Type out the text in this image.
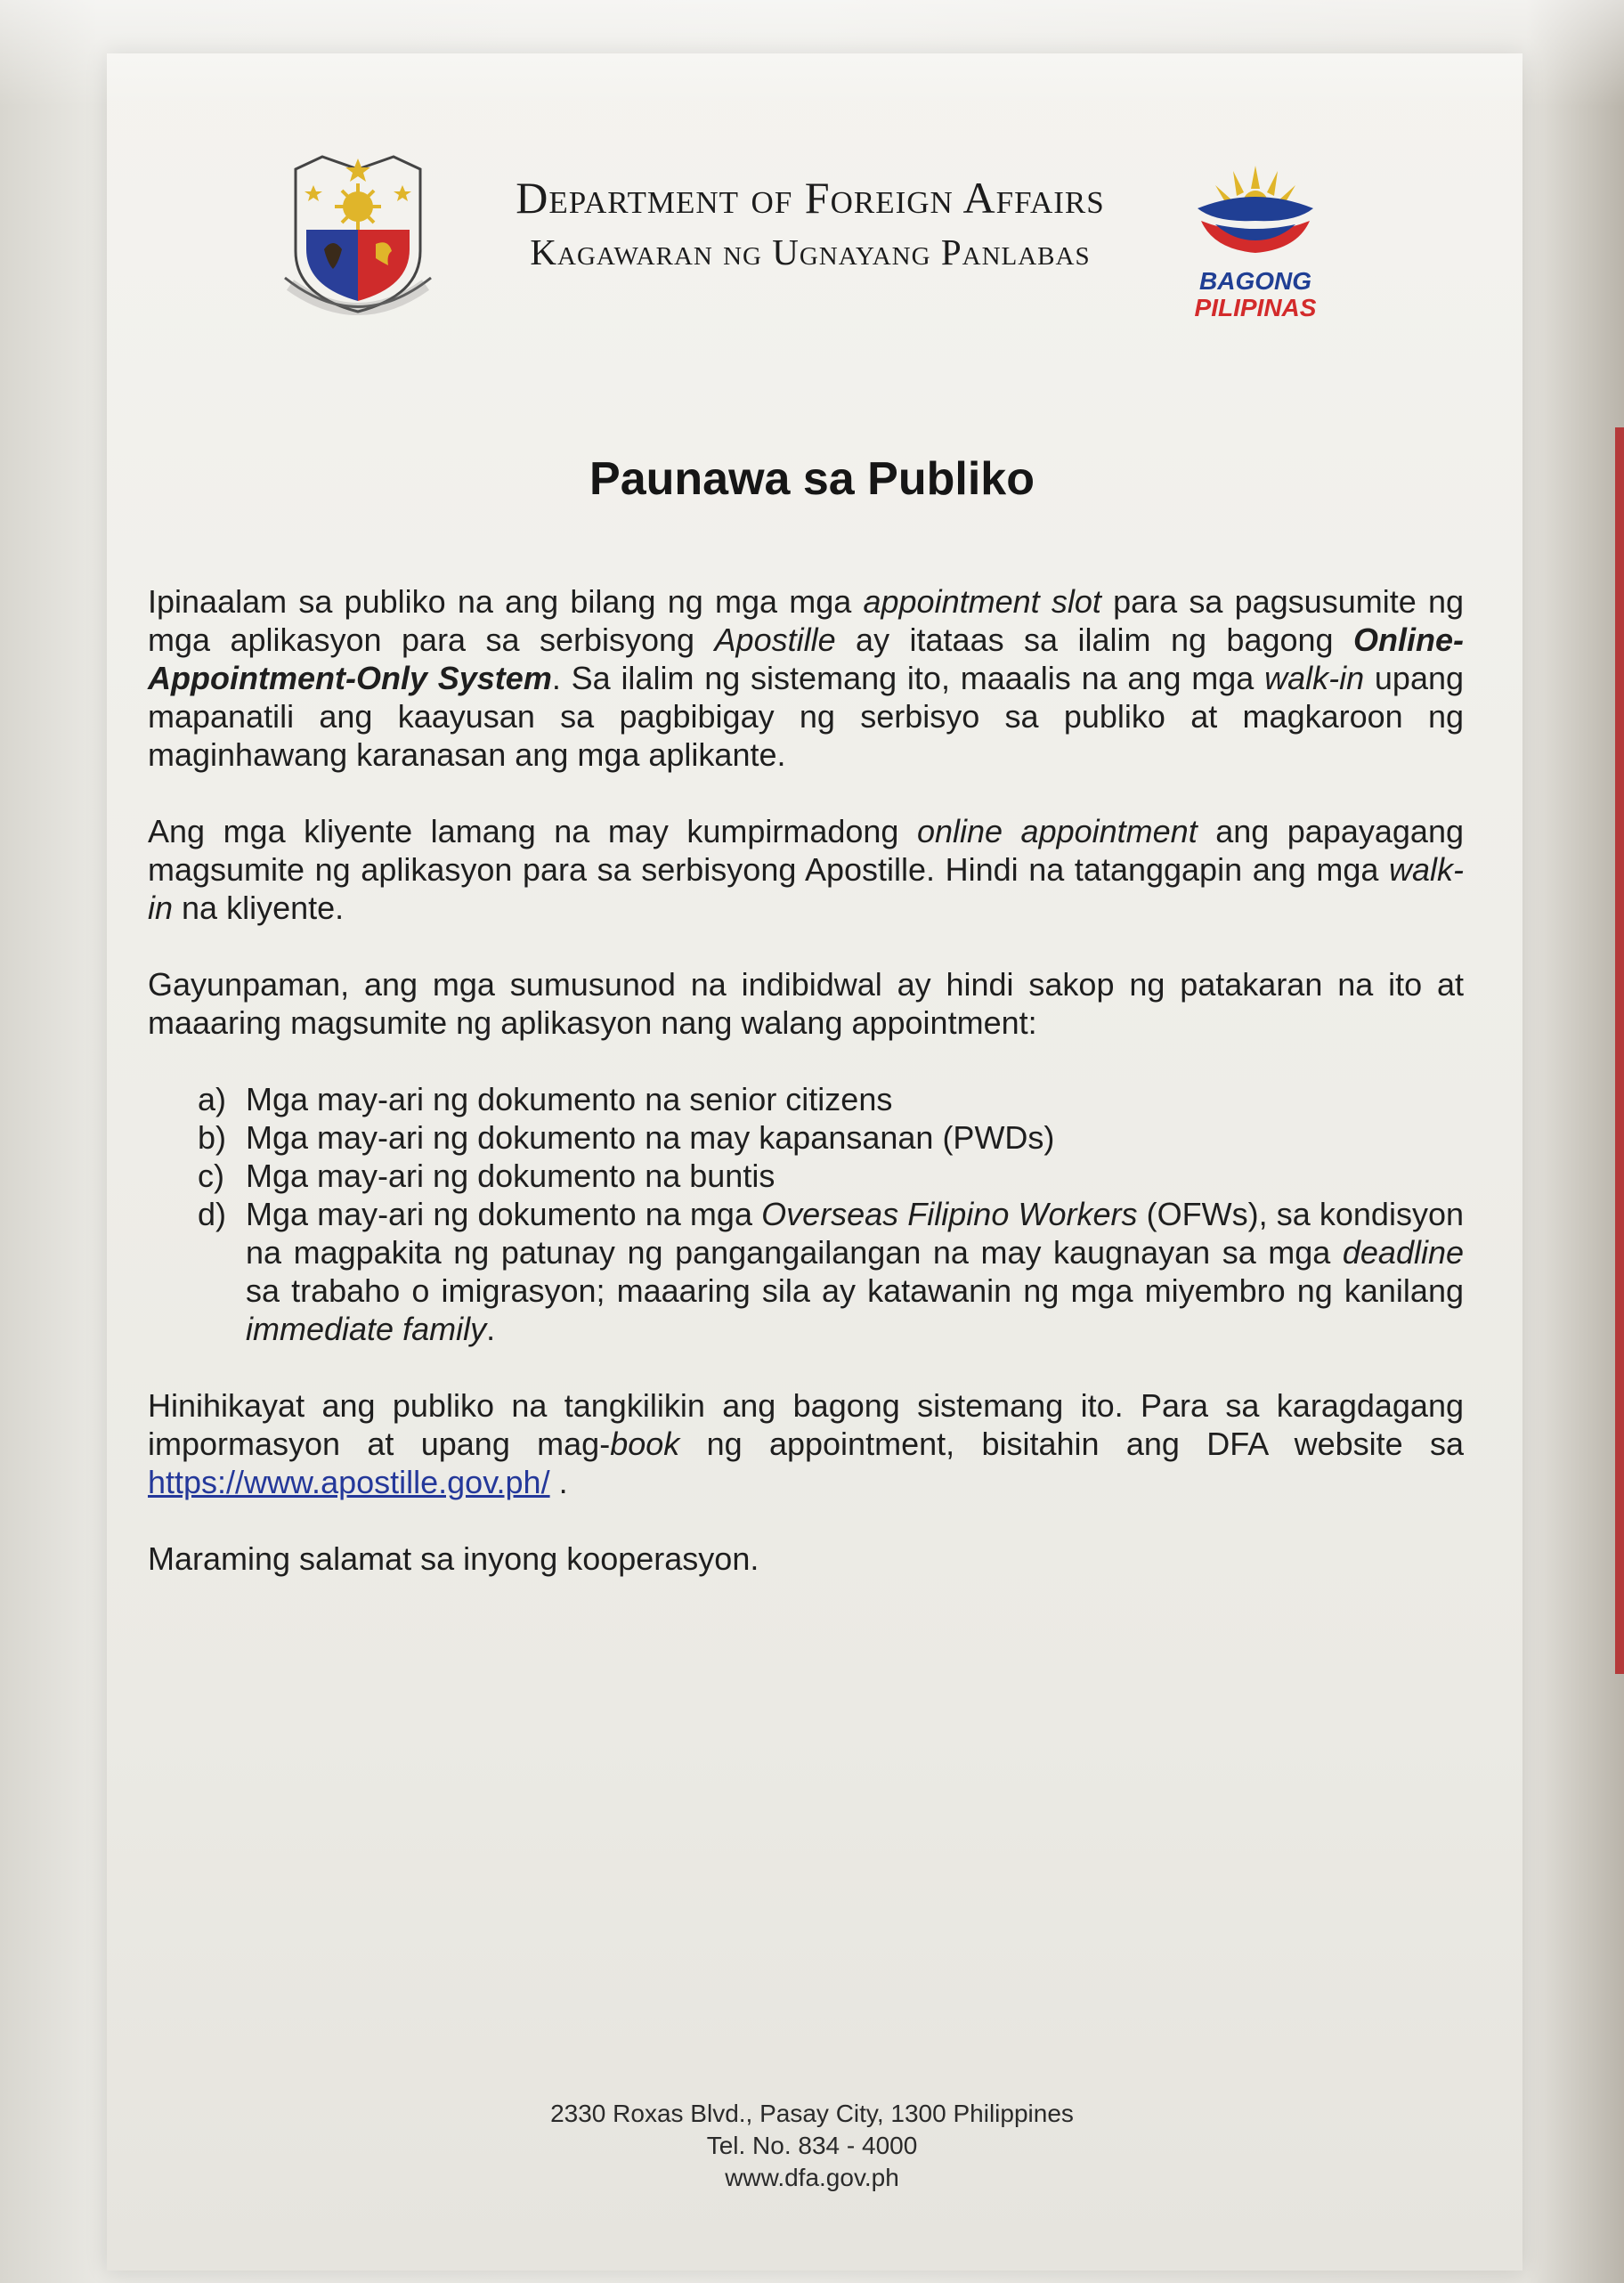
Department of Foreign Affairs
Kagawaran ng Ugnayang Panlabas
BAGONG
PILIPINAS
Paunawa sa Publiko

Ipinaalam sa publiko na ang bilang ng mga mga appointment slot para sa pagsusumite ng mga aplikasyon para sa serbisyong Apostille ay itataas sa ilalim ng bagong Online-Appointment-Only System. Sa ilalim ng sistemang ito, maaalis na ang mga walk-in upang mapanatili ang kaayusan sa pagbibigay ng serbisyo sa publiko at magkaroon ng maginhawang karanasan ang mga aplikante.

Ang mga kliyente lamang na may kumpirmadong online appointment ang papayagang magsumite ng aplikasyon para sa serbisyong Apostille. Hindi na tatanggapin ang mga walk-in na kliyente.

Gayunpaman, ang mga sumusunod na indibidwal ay hindi sakop ng patakaran na ito at maaaring magsumite ng aplikasyon nang walang appointment:

a) Mga may-ari ng dokumento na senior citizens
b) Mga may-ari ng dokumento na may kapansanan (PWDs)
c) Mga may-ari ng dokumento na buntis
d) Mga may-ari ng dokumento na mga Overseas Filipino Workers (OFWs), sa kondisyon na magpakita ng patunay ng pangangailangan na may kaugnayan sa mga deadline sa trabaho o imigrasyon; maaaring sila ay katawanin ng mga miyembro ng kanilang immediate family.

Hinihikayat ang publiko na tangkilikin ang bagong sistemang ito. Para sa karagdagang impormasyon at upang mag-book ng appointment, bisitahin ang DFA website sa https://www.apostille.gov.ph/ .

Maraming salamat sa inyong kooperasyon.

2330 Roxas Blvd., Pasay City, 1300 Philippines
Tel. No. 834 - 4000
www.dfa.gov.ph
